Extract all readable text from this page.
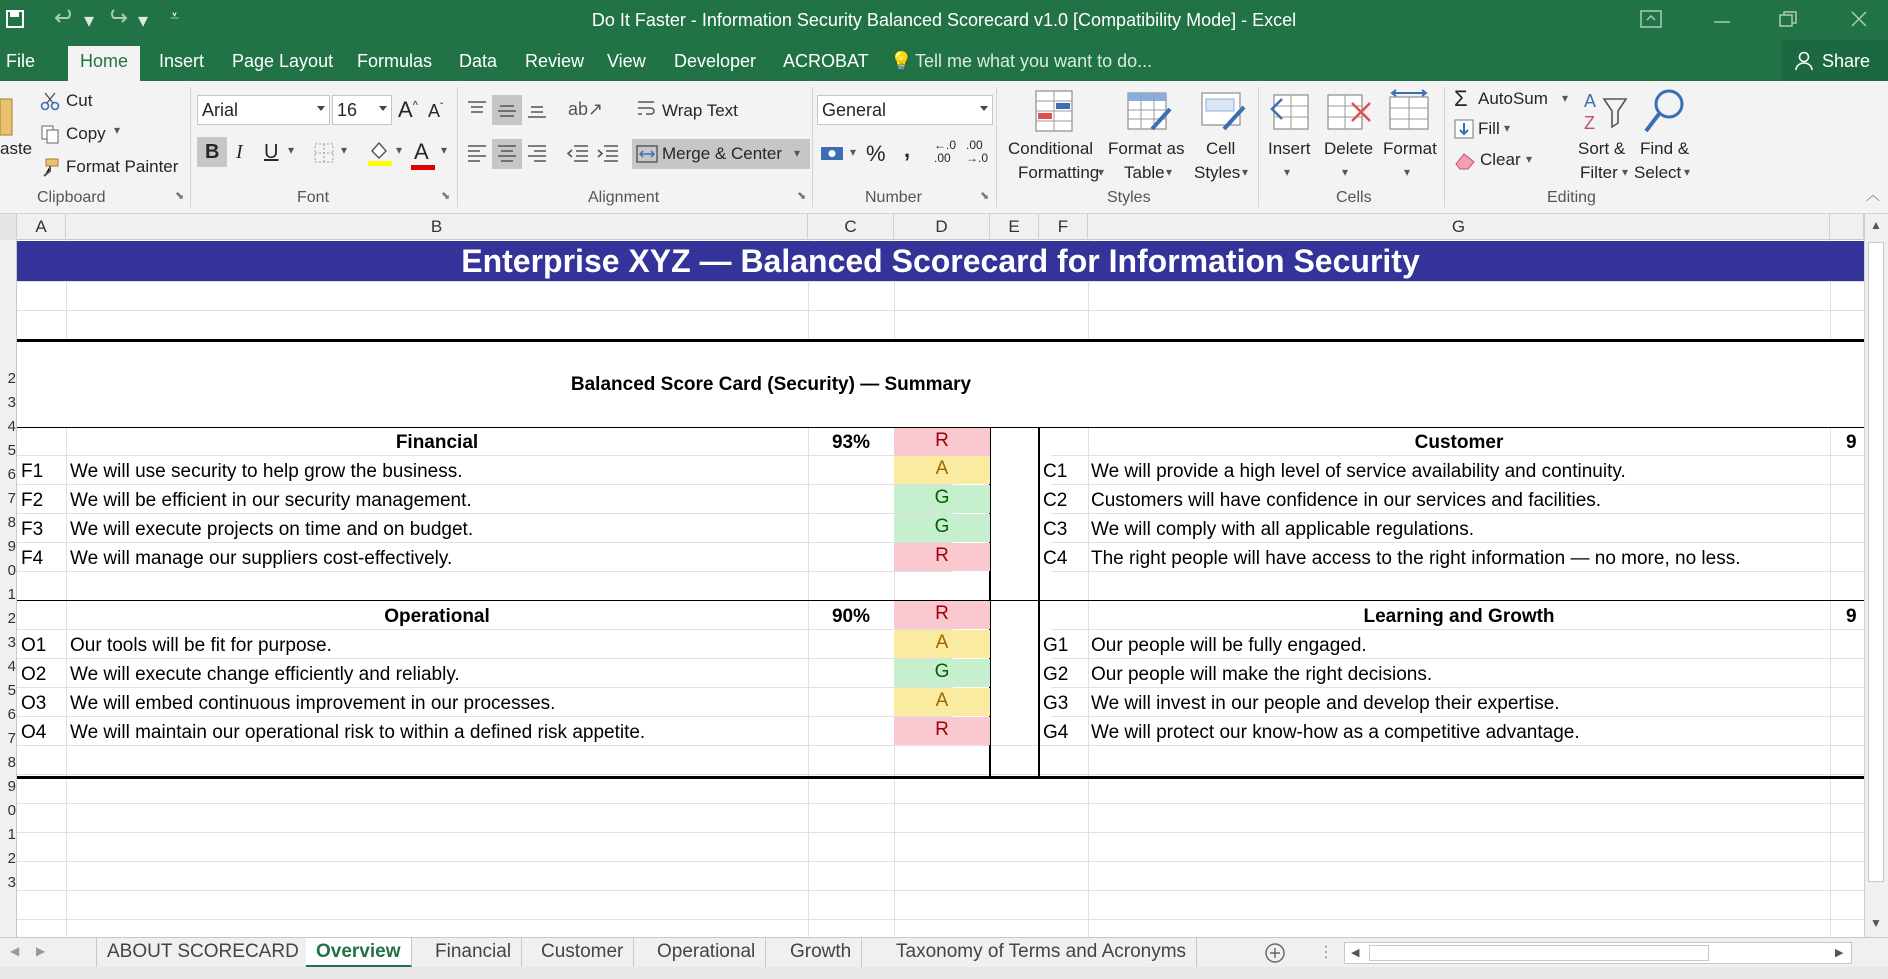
▾ ▾ ⩡	Do It Faster - Information Security Balanced Scorecard v1.0 [Compatibility Mode] - Excel
File	Home	Insert Page Layout Formulas Data Review View Developer ACROBAT 💡 Tell me what you want to do...	Share
aste
Cut
Copy ▾
Format Painter
Clipboard	⬊
Arial	16	A^ $A^ˇ$
B I U ▾	▾	▾ A ▾
Font	⬊
ab↗	Wrap Text
Merge & Center ▾
Alignment	⬊
General
▾ % , ←.0
.00
.00
→.0
Number	⬊
Conditional
Formatting
▾
Format as
Table ▾
Cell
Styles ▾
Styles
Insert
▾
Delete
▾
Format
▾
Cells
Σ AutoSum ▾
Fill ▾
Clear ▾
A
Z
Sort &
Filter ▾
Find &
Select ▾
Editing	︿
A	B	C	D	E	F	G
2
3
4
5
6
7
8
9
0
1
2
3
4
5
6
7
8
9
0
1
2
3
Enterprise XYZ — Balanced Scorecard for Information Security
Balanced Score Card (Security) — Summary
Financial	93%	R
F1 We will use security to help grow the business.	A
F2 We will be efficient in our security management.	G
F3 We will execute projects on time and on budget.	G
F4 We will manage our suppliers cost-effectively.	R
Operational	90%	R
O1 Our tools will be fit for purpose.	A
O2 We will execute change efficiently and reliably.	G
O3 We will embed continuous improvement in our processes.	A
O4 We will maintain our operational risk to within a defined risk appetite.	R
Customer	9
C1 We will provide a high level of service availability and continuity.
C2 Customers will have confidence in our services and facilities.
C3 We will comply with all applicable regulations.
C4 The right people will have access to the right information — no more, no less.
Learning and Growth	9
G1 Our people will be fully engaged.
G2 Our people will make the right decisions.
G3 We will invest in our people and develop their expertise.
G4 We will protect our know-how as a competitive advantage.
▲
▼
◀ ▶	ABOUT SCORECARD Overview	Financial	Customer	Operational	Growth	Taxonomy of Terms and Acronyms	⋮ ◀	▶
